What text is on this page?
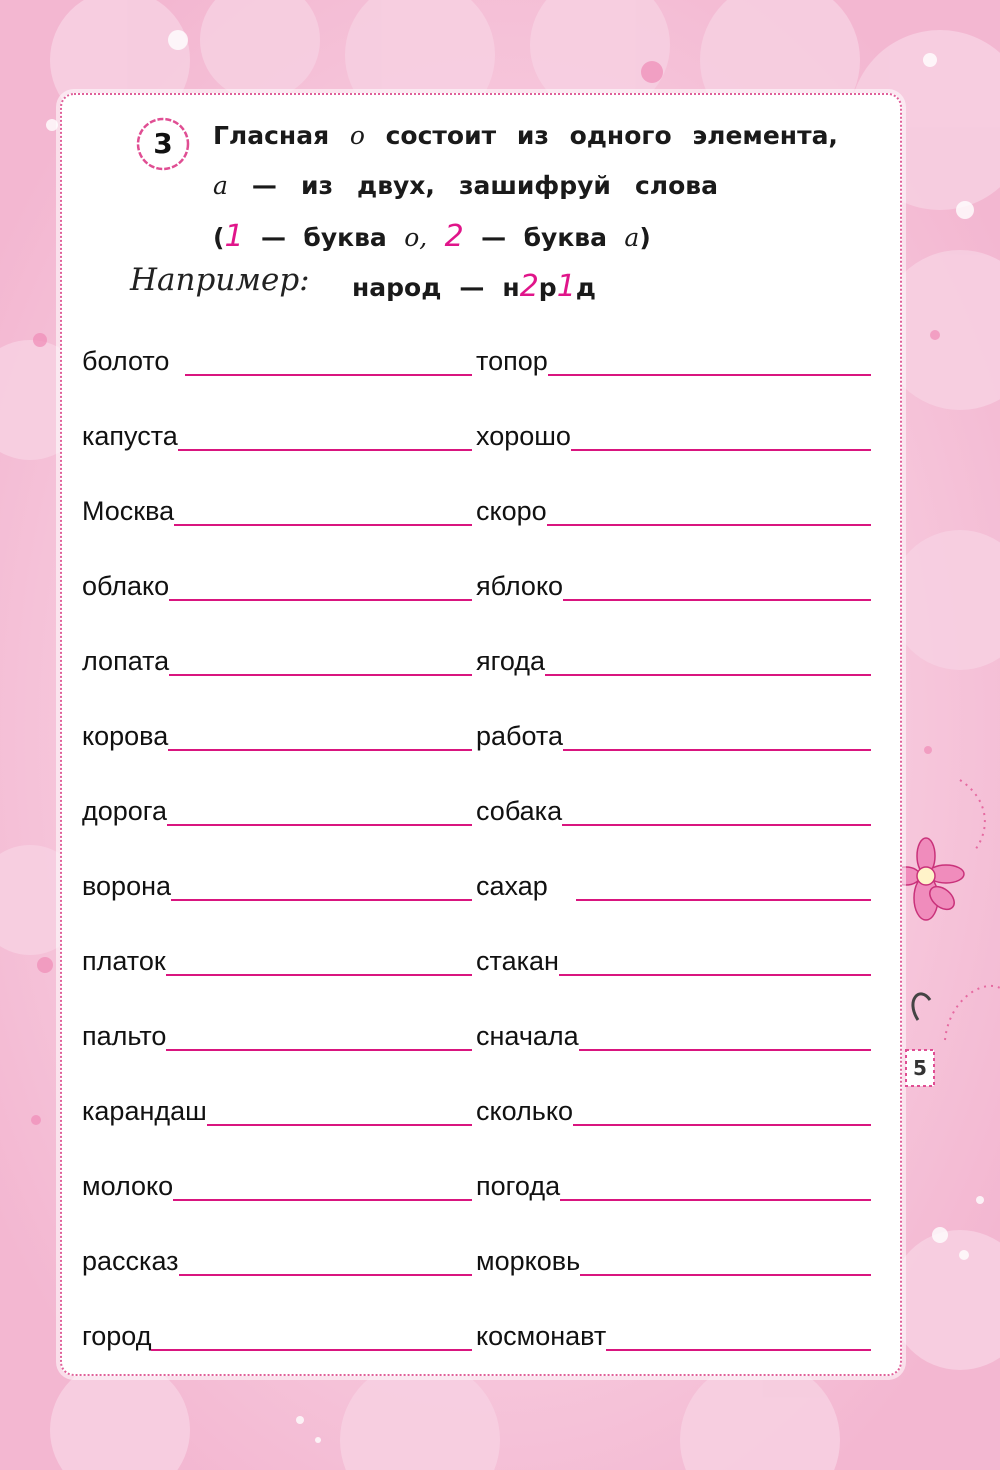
3	Гласная о состоит из одного элемента,
а — из двух, зашифруй слова
(1 — буква о, 2 — буква а)
Например: народ — н2р1д
болото
капуста
Москва
облако
лопата
корова
дорога
ворона
платок
пальто
карандаш
молоко
рассказ
город
топор
хорошо
скоро
яблоко
ягода
работа
собака
сахар
стакан
сначала
сколько
погода
морковь
космонавт
5
